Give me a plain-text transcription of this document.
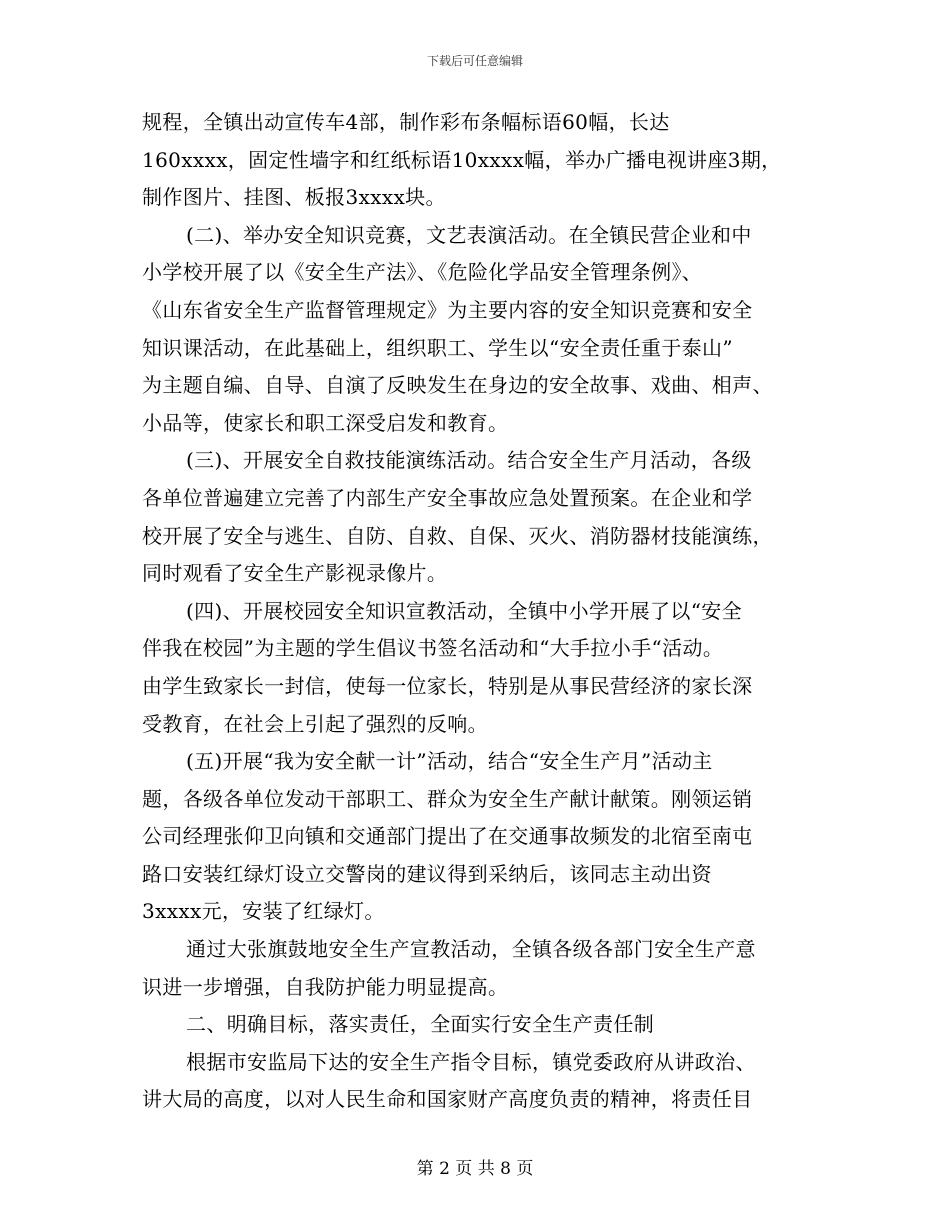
下载后可任意编辑
规程，全镇出动宣传车4部，制作彩布条幅标语60幅，长达
160xxxx，固定性墙字和红纸标语10xxxx幅，举办广播电视讲座3期，
制作图片、挂图、板报3xxxx块。
(二)、举办安全知识竞赛，文艺表演活动。在全镇民营企业和中
小学校开展了以《安全生产法》、《危险化学品安全管理条例》、
《山东省安全生产监督管理规定》为主要内容的安全知识竞赛和安全
知识课活动，在此基础上，组织职工、学生以“安全责任重于泰山”
为主题自编、自导、自演了反映发生在身边的安全故事、戏曲、相声、
小品等，使家长和职工深受启发和教育。
(三)、开展安全自救技能演练活动。结合安全生产月活动，各级
各单位普遍建立完善了内部生产安全事故应急处置预案。在企业和学
校开展了安全与逃生、自防、自救、自保、灭火、消防器材技能演练，
同时观看了安全生产影视录像片。
(四)、开展校园安全知识宣教活动，全镇中小学开展了以“安全
伴我在校园”为主题的学生倡议书签名活动和“大手拉小手“活动。
由学生致家长一封信，使每一位家长，特别是从事民营经济的家长深
受教育，在社会上引起了强烈的反响。
(五)开展“我为安全献一计”活动，结合“安全生产月”活动主
题，各级各单位发动干部职工、群众为安全生产献计献策。刚领运销
公司经理张仰卫向镇和交通部门提出了在交通事故频发的北宿至南屯
路口安装红绿灯设立交警岗的建议得到采纳后，该同志主动出资
3xxxx元，安装了红绿灯。
通过大张旗鼓地安全生产宣教活动，全镇各级各部门安全生产意
识进一步增强，自我防护能力明显提高。
二、明确目标，落实责任，全面实行安全生产责任制
根据市安监局下达的安全生产指令目标，镇党委政府从讲政治、
讲大局的高度，以对人民生命和国家财产高度负责的精神，将责任目
第 2 页 共 8 页
